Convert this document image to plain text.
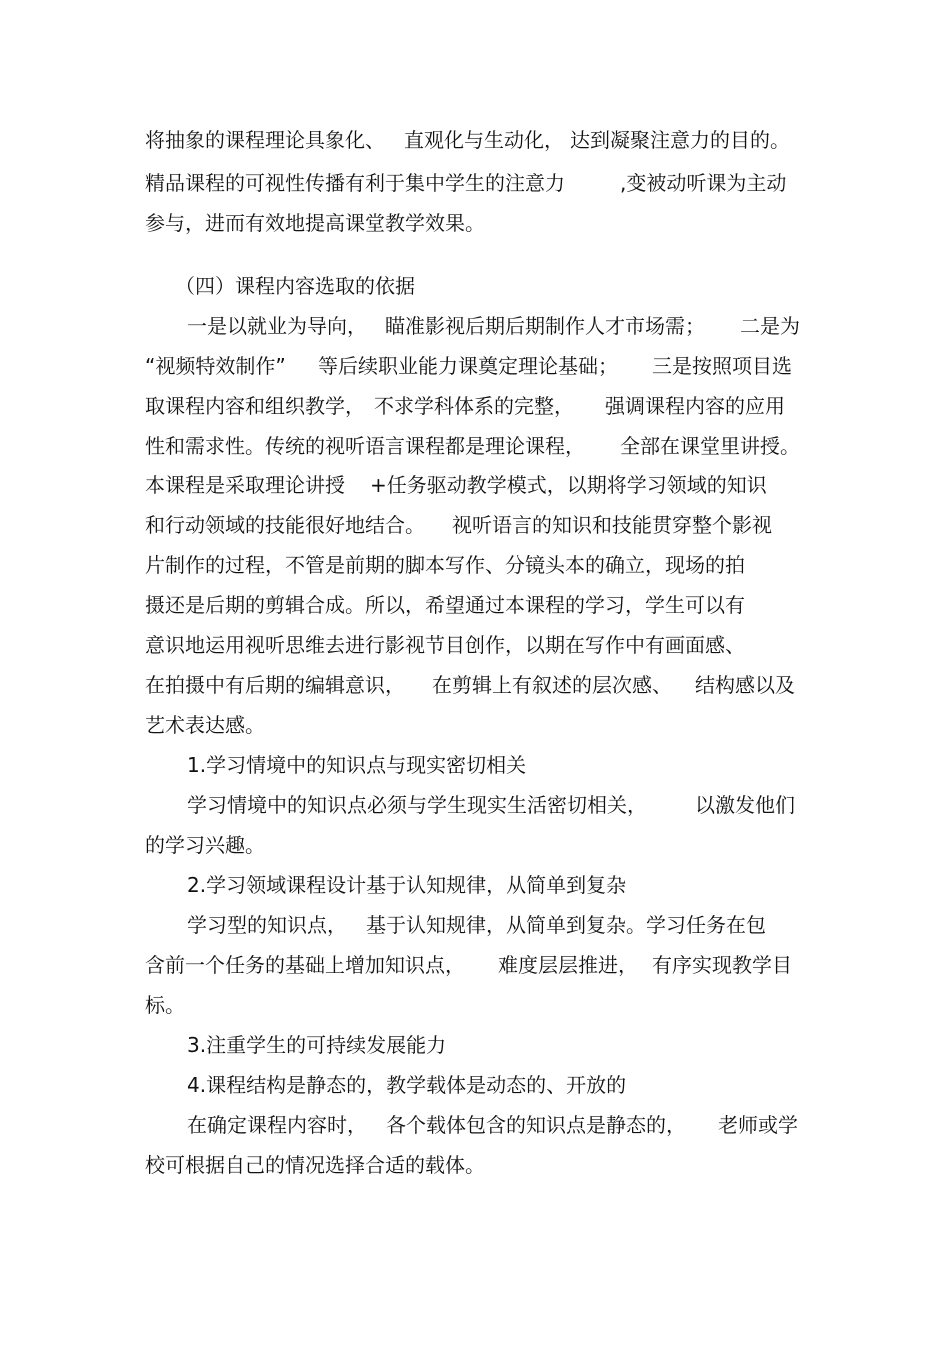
将抽象的课程理论具象化、 直观化与生动化， 达到凝聚注意力的目的。
精品课程的可视性传播有利于集中学生的注意力	,变被动听课为主动
参与，进而有效地提高课堂教学效果。
（四）课程内容选取的依据
一是以就业为导向， 瞄准影视后期后期制作人才市场需； 二是为
“视频特效制作” 等后续职业能力课奠定理论基础； 三是按照项目选
取课程内容和组织教学， 不求学科体系的完整， 强调课程内容的应用
性和需求性。传统的视听语言课程都是理论课程， 全部在课堂里讲授。
本课程是采取理论讲授 +任务驱动教学模式，以期将学习领域的知识
和行动领域的技能很好地结合。 视听语言的知识和技能贯穿整个影视
片制作的过程，不管是前期的脚本写作、分镜头本的确立，现场的拍
摄还是后期的剪辑合成。所以，希望通过本课程的学习，学生可以有
意识地运用视听思维去进行影视节目创作，以期在写作中有画面感、
在拍摄中有后期的编辑意识， 在剪辑上有叙述的层次感、 结构感以及
艺术表达感。
1.学习情境中的知识点与现实密切相关
学习情境中的知识点必须与学生现实生活密切相关， 以激发他们
的学习兴趣。
2.学习领域课程设计基于认知规律，从简单到复杂
学习型的知识点， 基于认知规律，从简单到复杂。学习任务在包
含前一个任务的基础上增加知识点， 难度层层推进， 有序实现教学目
标。
3.注重学生的可持续发展能力
4.课程结构是静态的，教学载体是动态的、开放的
在确定课程内容时， 各个载体包含的知识点是静态的， 老师或学
校可根据自己的情况选择合适的载体。
